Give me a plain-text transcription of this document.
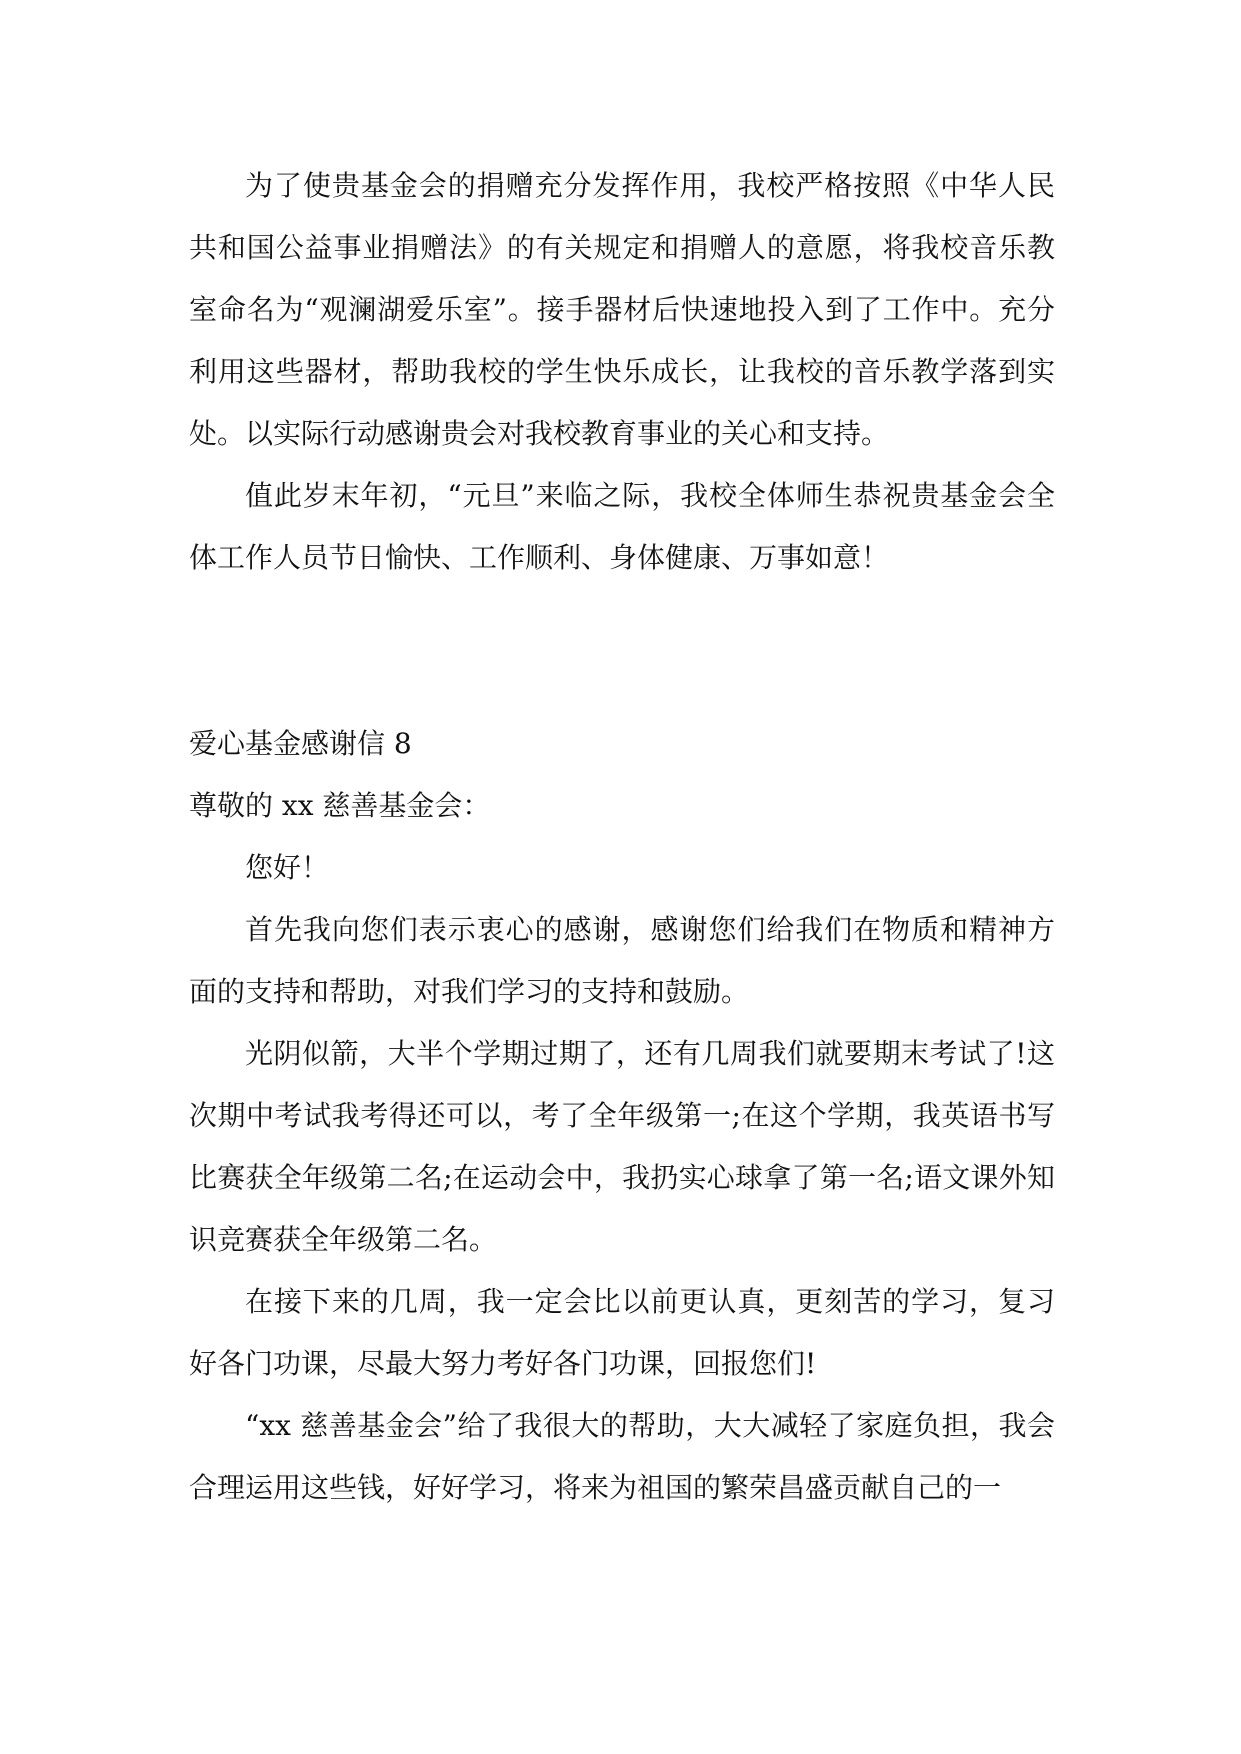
为了使贵基金会的捐赠充分发挥作用，我校严格按照《中华人民共和国公益事业捐赠法》的有关规定和捐赠人的意愿，将我校音乐教室命名为“观澜湖爱乐室”。接手器材后快速地投入到了工作中。充分利用这些器材，帮助我校的学生快乐成长，让我校的音乐教学落到实处。以实际行动感谢贵会对我校教育事业的关心和支持。

值此岁末年初，“元旦”来临之际，我校全体师生恭祝贵基金会全体工作人员节日愉快、工作顺利、身体健康、万事如意！

爱心基金感谢信 8

尊敬的 xx 慈善基金会：

您好！

首先我向您们表示衷心的感谢，感谢您们给我们在物质和精神方面的支持和帮助，对我们学习的支持和鼓励。

光阴似箭，大半个学期过期了，还有几周我们就要期末考试了!这次期中考试我考得还可以，考了全年级第一;在这个学期，我英语书写比赛获全年级第二名;在运动会中，我扔实心球拿了第一名;语文课外知识竞赛获全年级第二名。

在接下来的几周，我一定会比以前更认真，更刻苦的学习，复习好各门功课，尽最大努力考好各门功课，回报您们!

“xx 慈善基金会”给了我很大的帮助，大大减轻了家庭负担，我会合理运用这些钱，好好学习，将来为祖国的繁荣昌盛贡献自己的一
